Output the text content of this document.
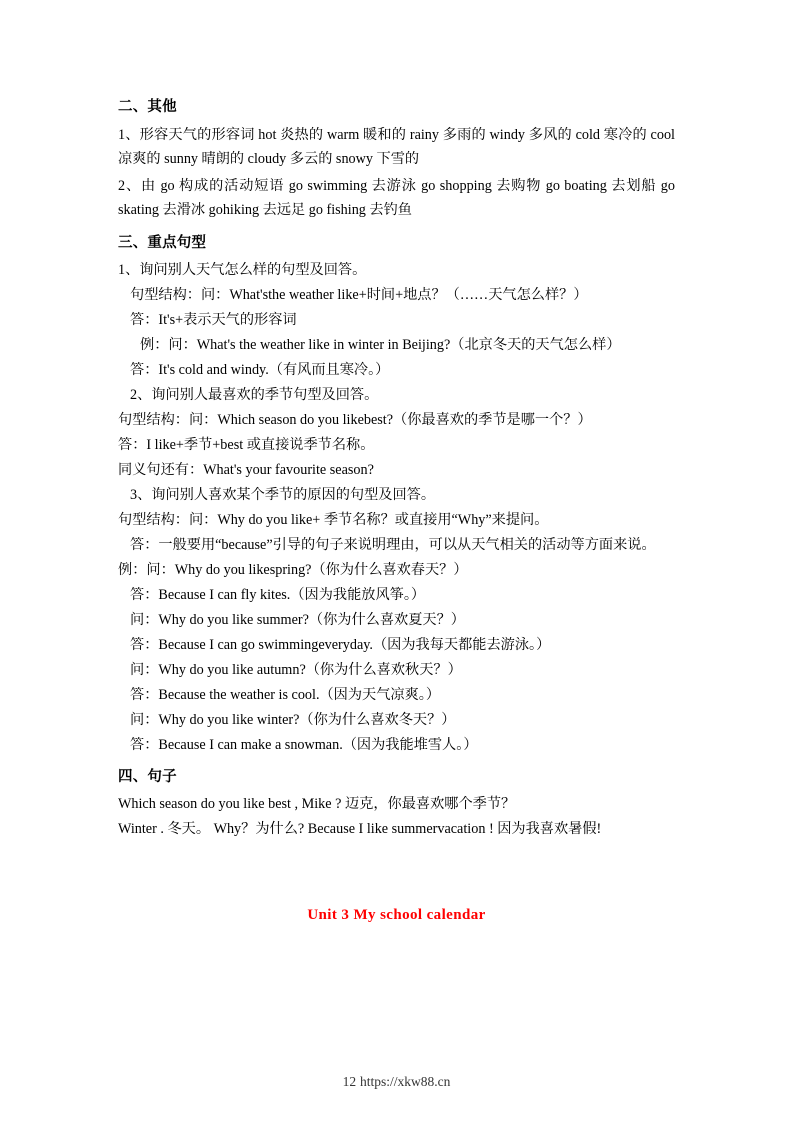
二、其他

1、形容天气的形容词 hot 炎热的 warm 暖和的 rainy 多雨的 windy 多风的 cold 寒冷的 cool 凉爽的 sunny 晴朗的 cloudy 多云的 snowy 下雪的

2、由 go 构成的活动短语 go swimming 去游泳 go shopping 去购物 go boating 去划船 go skating 去滑冰 gohiking 去远足 go fishing 去钓鱼

三、重点句型

1、询问别人天气怎么样的句型及回答。

句型结构：问：What'sthe weather like+时间+地点？（……天气怎么样？）

答：It's+表示天气的形容词

例：问：What's the weather like in winter in Beijing?（北京冬天的天气怎么样）

答：It's cold and windy.（有风而且寒冷。）

2、询问别人最喜欢的季节句型及回答。

句型结构：问：Which season do you likebest?（你最喜欢的季节是哪一个？）

答：I like+季节+best 或直接说季节名称。

同义句还有：What's your favourite season?

3、询问别人喜欢某个季节的原因的句型及回答。

句型结构：问：Why do you like+ 季节名称？或直接用“Why”来提问。

答：一般要用“because”引导的句子来说明理由，可以从天气相关的活动等方面来说。

例：问：Why do you likespring?（你为什么喜欢春天？）

答：Because I can fly kites.（因为我能放风筝。）

问：Why do you like summer?（你为什么喜欢夏天？）

答：Because I can go swimmingeveryday.（因为我每天都能去游泳。）

问：Why do you like autumn?（你为什么喜欢秋天？）

答：Because the weather is cool.（因为天气凉爽。）

问：Why do you like winter?（你为什么喜欢冬天？）

答：Because I can make a snowman.（因为我能堆雪人。）

四、句子

Which season do you like best , Mike ? 迈克，你最喜欢哪个季节？

Winter . 冬天。 Why？为什么? Because I like summervacation ! 因为我喜欢暑假!

Unit 3 My school calendar
12 https://xkw88.cn
